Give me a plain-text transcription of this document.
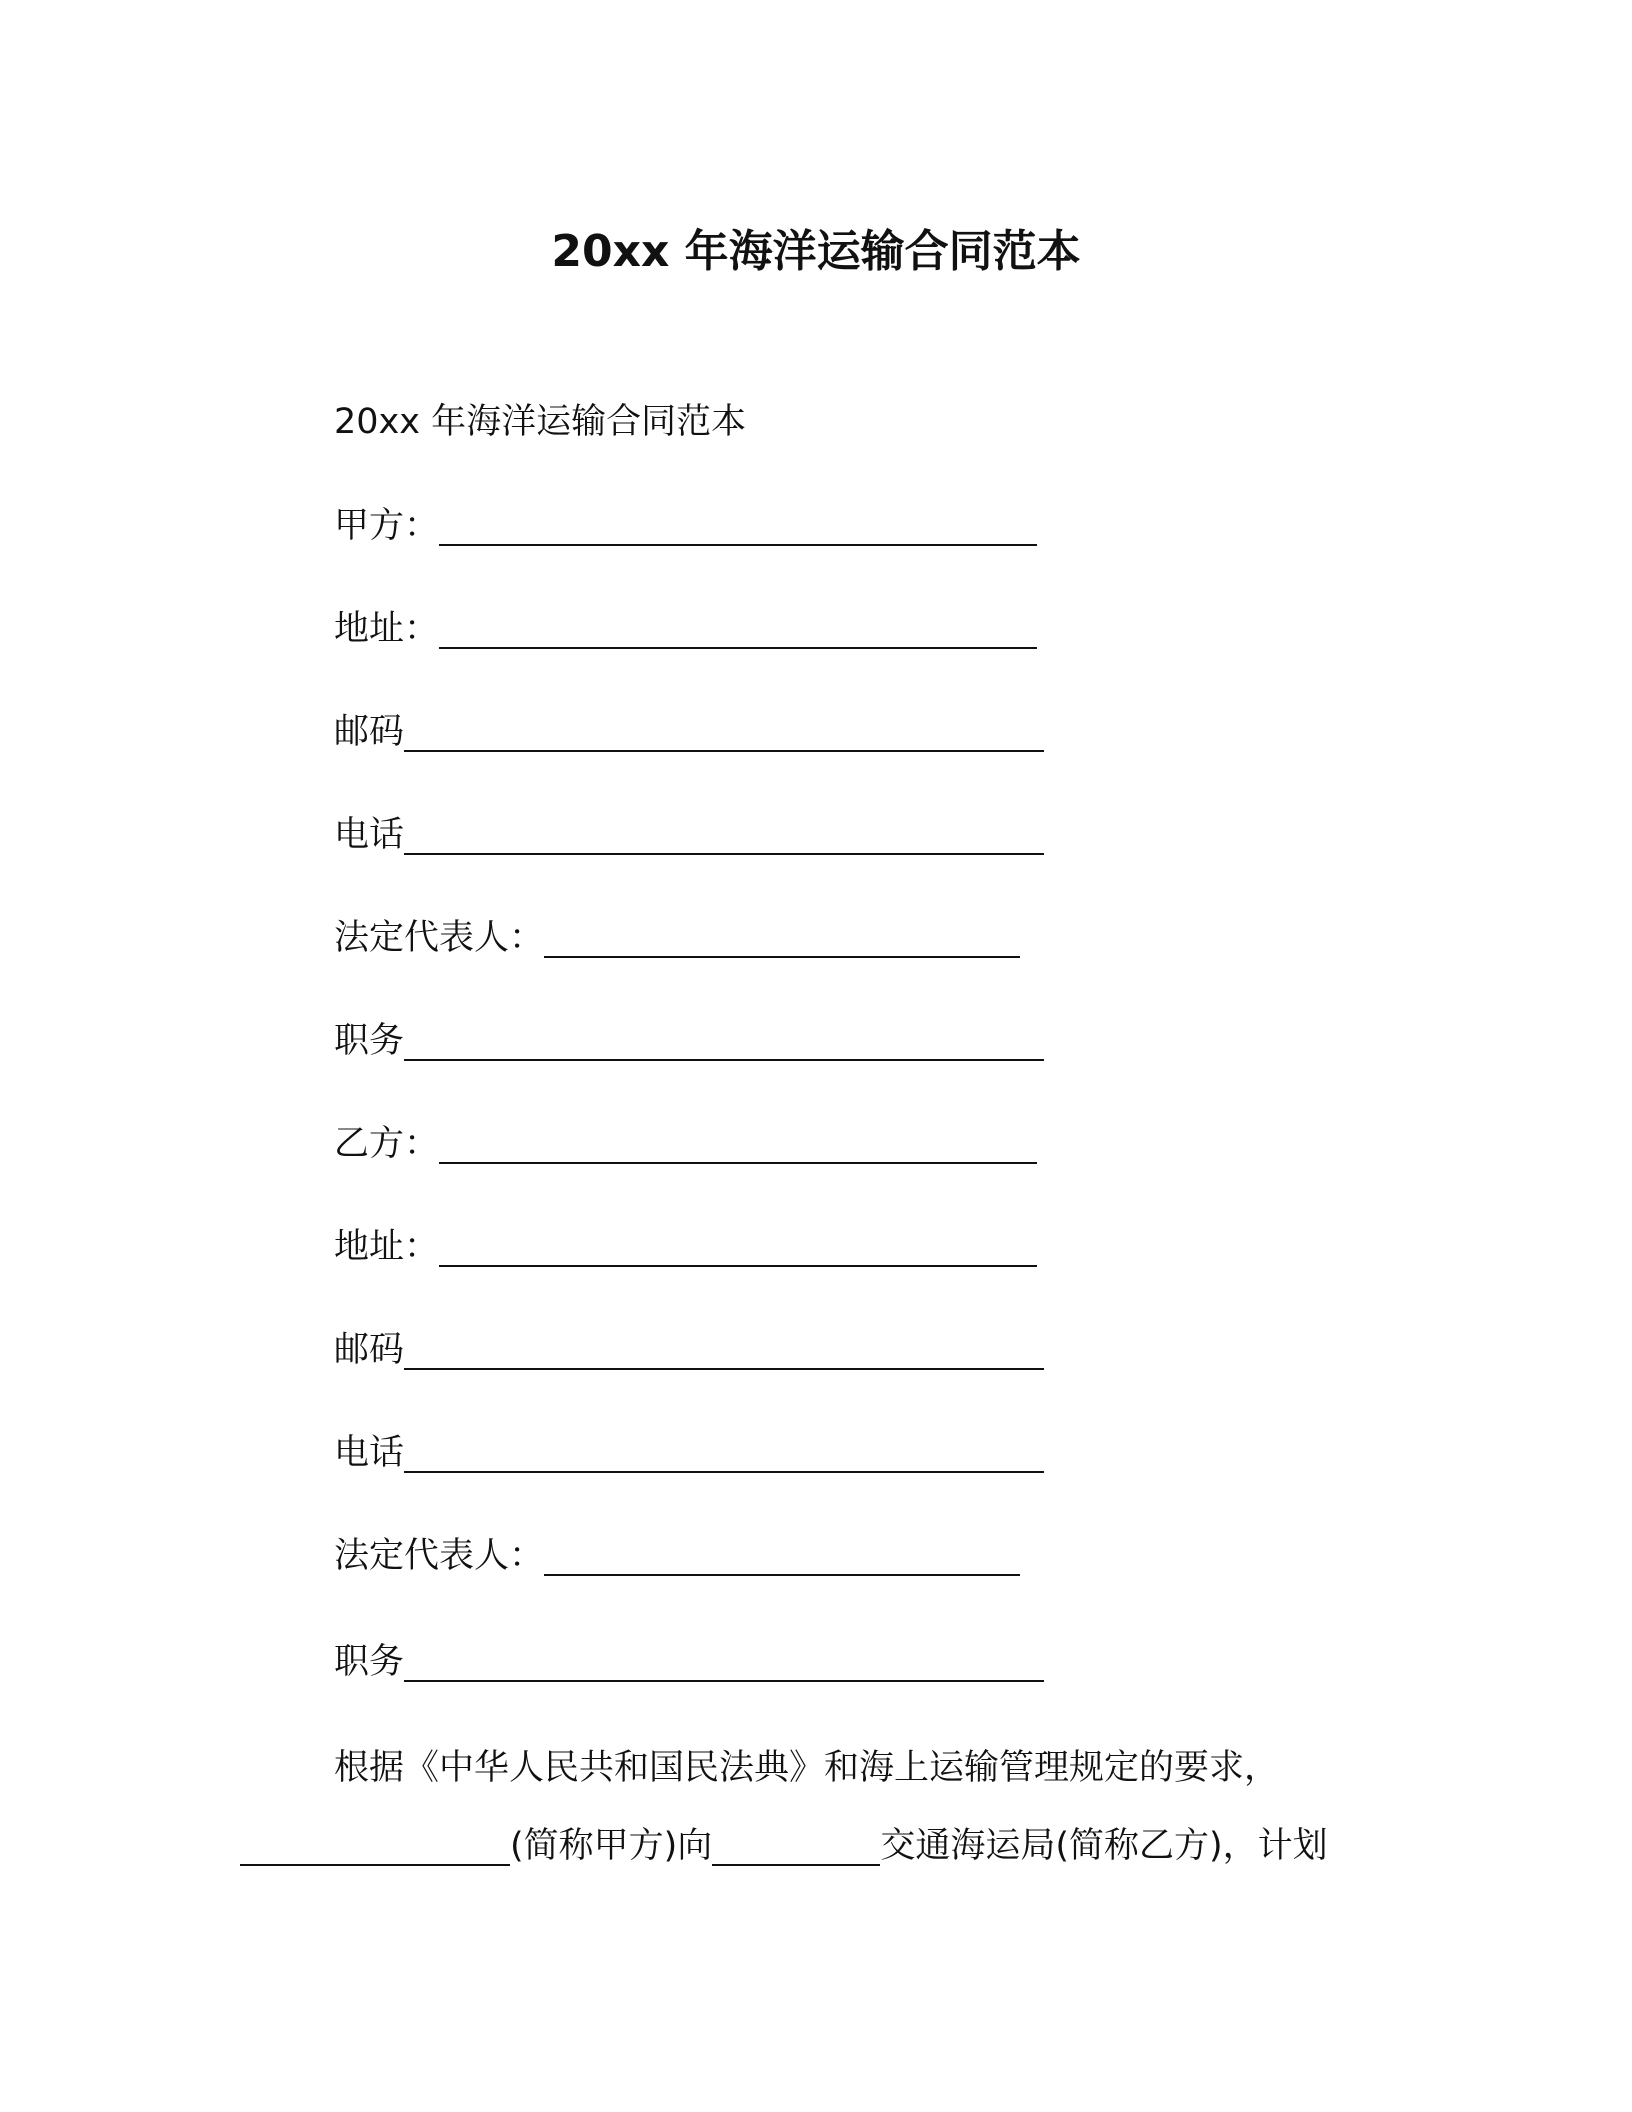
20xx 年海洋运输合同范本
20xx 年海洋运输合同范本
甲方：
地址：
邮码
电话
法定代表人：
职务
乙方：
地址：
邮码
电话
法定代表人：
职务
根据《中华人民共和国民法典》和海上运输管理规定的要求，
(简称甲方)向	交通海运局(简称乙方)，计划
